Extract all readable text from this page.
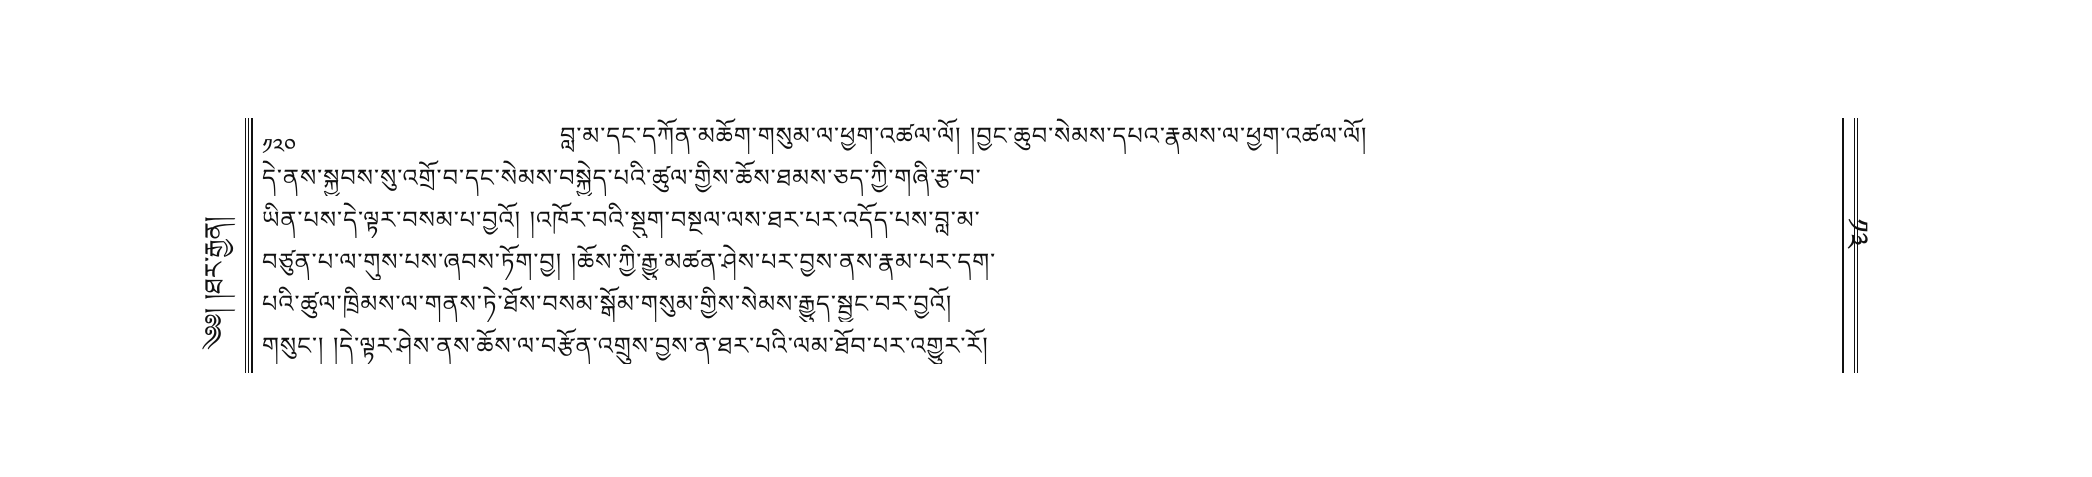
༄༅། །ཐར་རྒྱན།	༡༣
༡༢༠	བླ་མ་དང་དཀོན་མཆོག་གསུམ་ལ་ཕྱག་འཚལ་ལོ། །བྱང་ཆུབ་སེམས་དཔའ་རྣམས་ལ་ཕྱག་འཚལ་ལོ།
དེ་ནས་སྐྱབས་སུ་འགྲོ་བ་དང་སེམས་བསྐྱེད་པའི་ཚུལ་གྱིས་ཆོས་ཐམས་ཅད་ཀྱི་གཞི་རྩ་བ་
ཡིན་པས་དེ་ལྟར་བསམ་པ་བྱའོ། །འཁོར་བའི་སྡུག་བསྔལ་ལས་ཐར་པར་འདོད་པས་བླ་མ་
བཙུན་པ་ལ་གུས་པས་ཞབས་ཏོག་བྱ། །ཆོས་ཀྱི་རྒྱུ་མཚན་ཤེས་པར་བྱས་ནས་རྣམ་པར་དག་
པའི་ཚུལ་ཁྲིམས་ལ་གནས་ཏེ་ཐོས་བསམ་སྒོམ་གསུམ་གྱིས་སེམས་རྒྱུད་སྦྱང་བར་བྱའོ།
གསུང་། །དེ་ལྟར་ཤེས་ནས་ཆོས་ལ་བརྩོན་འགྲུས་བྱས་ན་ཐར་པའི་ལམ་ཐོབ་པར་འགྱུར་རོ།
